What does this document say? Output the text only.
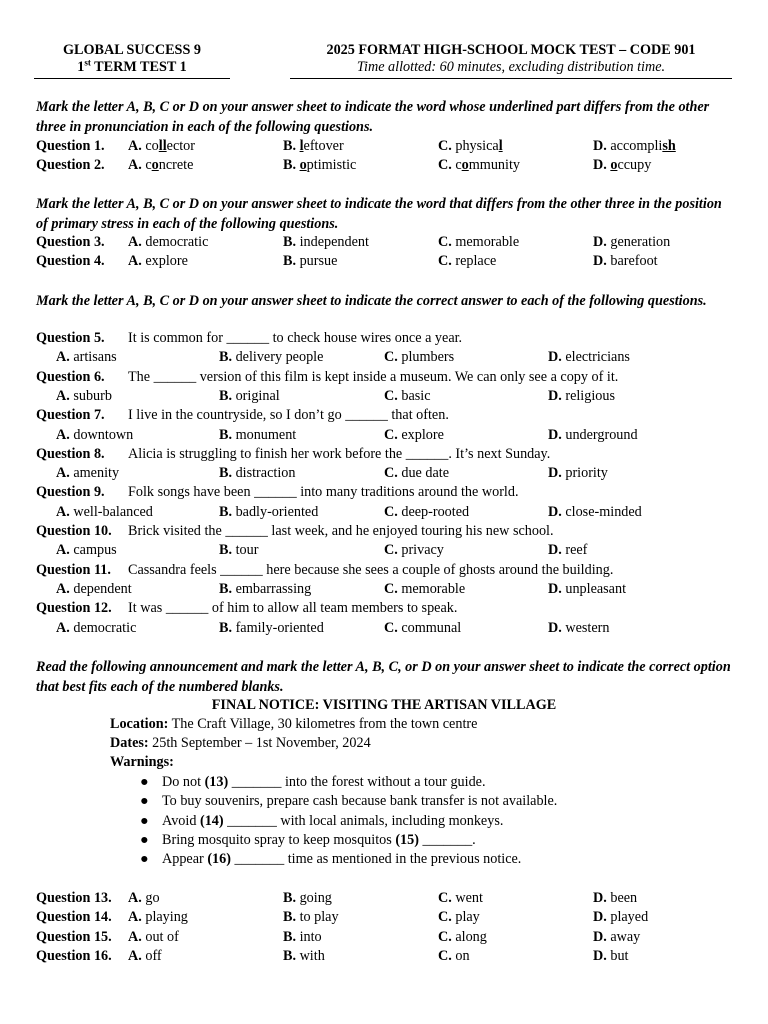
GLOBAL SUCCESS 9
1st TERM TEST 1
2025 FORMAT HIGH-SCHOOL MOCK TEST – CODE 901
Time allotted: 60 minutes, excluding distribution time.
Mark the letter A, B, C or D on your answer sheet to indicate the word whose underlined part differs from the other three in pronunciation in each of the following questions.
Question 1. A. collector	B. leftover	C. physical	D. accomplish
Question 2. A. concrete	B. optimistic	C. community	D. occupy
Mark the letter A, B, C or D on your answer sheet to indicate the word that differs from the other three in the position of primary stress in each of the following questions.
Question 3. A. democratic	B. independent	C. memorable	D. generation
Question 4. A. explore	B. pursue	C. replace	D. barefoot
Mark the letter A, B, C or D on your answer sheet to indicate the correct answer to each of the following questions.
Question 5. It is common for ______ to check house wires once a year.
A. artisans	B. delivery people	C. plumbers	D. electricians
Question 6. The ______ version of this film is kept inside a museum. We can only see a copy of it.
A. suburb	B. original	C. basic	D. religious
Question 7. I live in the countryside, so I don’t go ______ that often.
A. downtown	B. monument	C. explore	D. underground
Question 8. Alicia is struggling to finish her work before the ______. It’s next Sunday.
A. amenity	B. distraction	C. due date	D. priority
Question 9. Folk songs have been ______ into many traditions around the world.
A. well-balanced	B. badly-oriented	C. deep-rooted	D. close-minded
Question 10. Brick visited the ______ last week, and he enjoyed touring his new school.
A. campus	B. tour	C. privacy	D. reef
Question 11. Cassandra feels ______ here because she sees a couple of ghosts around the building.
A. dependent	B. embarrassing	C. memorable	D. unpleasant
Question 12. It was ______ of him to allow all team members to speak.
A. democratic	B. family-oriented	C. communal	D. western
Read the following announcement and mark the letter A, B, C, or D on your answer sheet to indicate the correct option that best fits each of the numbered blanks.
FINAL NOTICE: VISITING THE ARTISAN VILLAGE
Location: The Craft Village, 30 kilometres from the town centre
Dates: 25th September – 1st November, 2024
Warnings:
● Do not (13) _______ into the forest without a tour guide.
● To buy souvenirs, prepare cash because bank transfer is not available.
● Avoid (14) _______ with local animals, including monkeys.
● Bring mosquito spray to keep mosquitos (15) _______.
● Appear (16) _______ time as mentioned in the previous notice.
Question 13. A. go	B. going	C. went	D. been
Question 14. A. playing	B. to play	C. play	D. played
Question 15. A. out of	B. into	C. along	D. away
Question 16. A. off	B. with	C. on	D. but
